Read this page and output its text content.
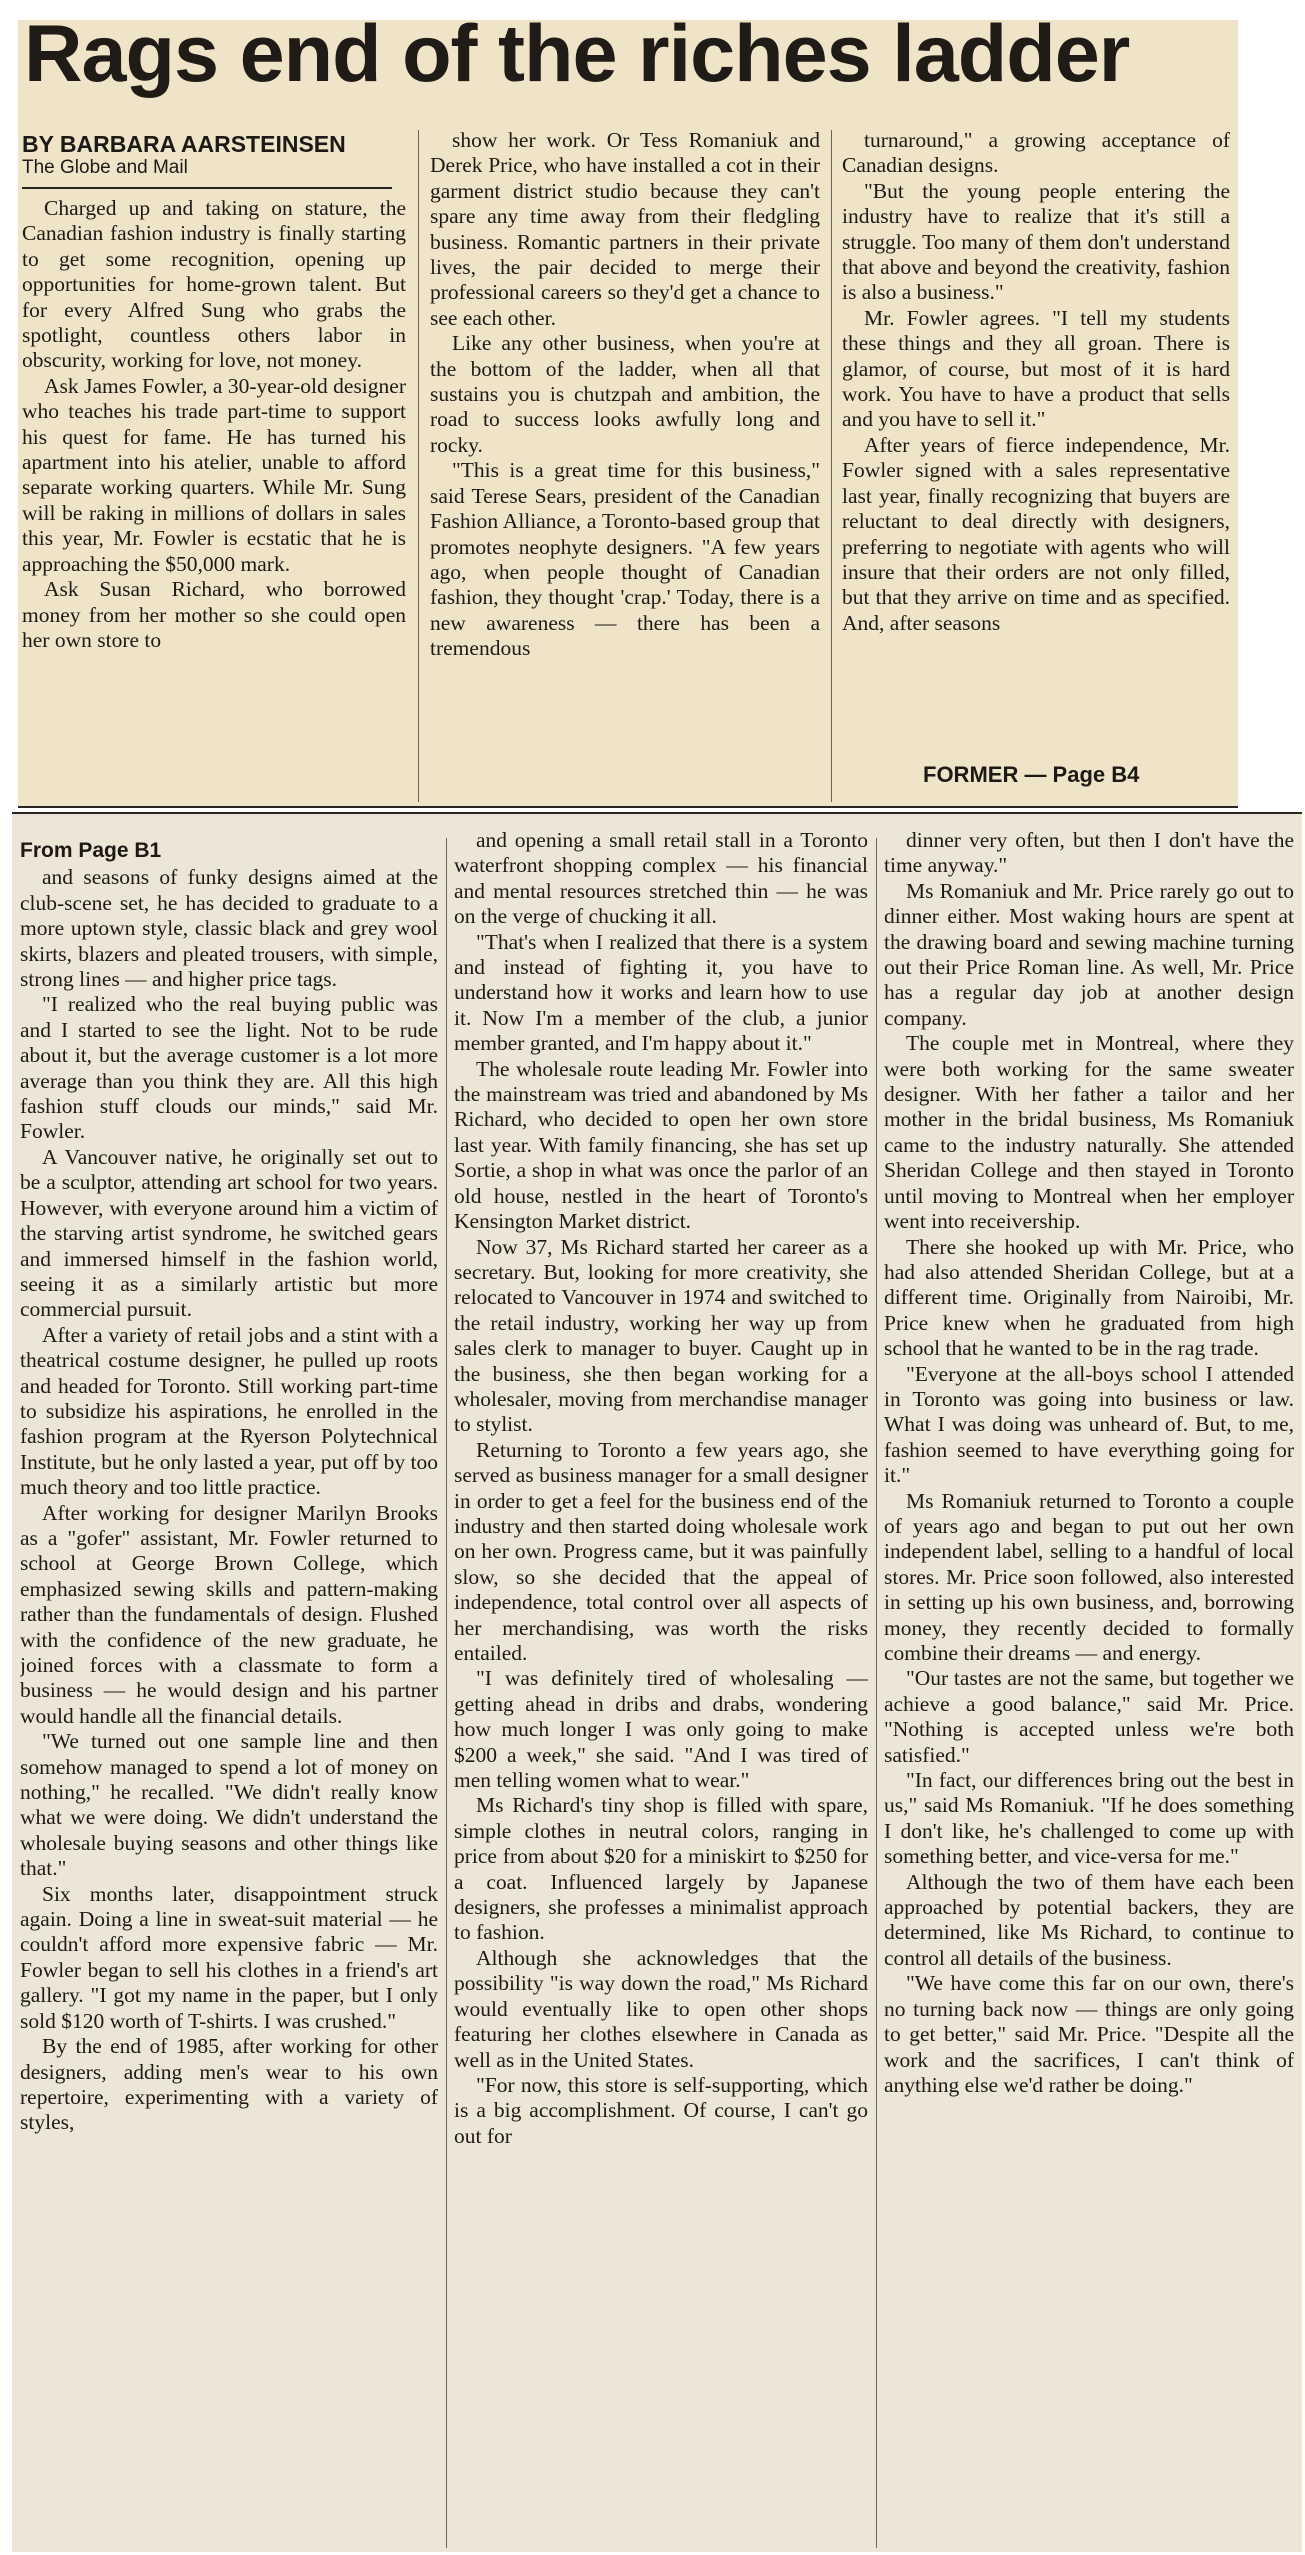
Rags end of the riches ladder
BY BARBARA AARSTEINSEN
The Globe and Mail

Charged up and taking on stature, the Canadian fashion industry is finally starting to get some recognition, opening up opportunities for home-grown talent. But for every Alfred Sung who grabs the spotlight, countless others labor in obscurity, working for love, not money.

Ask James Fowler, a 30-year-old designer who teaches his trade part-time to support his quest for fame. He has turned his apartment into his atelier, unable to afford separate working quarters. While Mr. Sung will be raking in millions of dollars in sales this year, Mr. Fowler is ecstatic that he is approaching the $50,000 mark.

Ask Susan Richard, who borrowed money from her mother so she could open her own store to

show her work. Or Tess Romaniuk and Derek Price, who have installed a cot in their garment district studio because they can't spare any time away from their fledgling business. Romantic partners in their private lives, the pair decided to merge their professional careers so they'd get a chance to see each other.

Like any other business, when you're at the bottom of the ladder, when all that sustains you is chutzpah and ambition, the road to success looks awfully long and rocky.

"This is a great time for this business," said Terese Sears, president of the Canadian Fashion Alliance, a Toronto-based group that promotes neophyte designers. "A few years ago, when people thought of Canadian fashion, they thought 'crap.' Today, there is a new awareness — there has been a tremendous

turnaround," a growing acceptance of Canadian designs.

"But the young people entering the industry have to realize that it's still a struggle. Too many of them don't understand that above and beyond the creativity, fashion is also a business."

Mr. Fowler agrees. "I tell my students these things and they all groan. There is glamor, of course, but most of it is hard work. You have to have a product that sells and you have to sell it."

After years of fierce independence, Mr. Fowler signed with a sales representative last year, finally recognizing that buyers are reluctant to deal directly with designers, preferring to negotiate with agents who will insure that their orders are not only filled, but that they arrive on time and as specified. And, after seasons

FORMER — Page B4
From Page B1

and seasons of funky designs aimed at the club-scene set, he has decided to graduate to a more uptown style, classic black and grey wool skirts, blazers and pleated trousers, with simple, strong lines — and higher price tags.

"I realized who the real buying public was and I started to see the light. Not to be rude about it, but the average customer is a lot more average than you think they are. All this high fashion stuff clouds our minds," said Mr. Fowler.

A Vancouver native, he originally set out to be a sculptor, attending art school for two years. However, with everyone around him a victim of the starving artist syndrome, he switched gears and immersed himself in the fashion world, seeing it as a similarly artistic but more commercial pursuit.

After a variety of retail jobs and a stint with a theatrical costume designer, he pulled up roots and headed for Toronto. Still working part-time to subsidize his aspirations, he enrolled in the fashion program at the Ryerson Polytechnical Institute, but he only lasted a year, put off by too much theory and too little practice.

After working for designer Marilyn Brooks as a "gofer" assistant, Mr. Fowler returned to school at George Brown College, which emphasized sewing skills and pattern-making rather than the fundamentals of design. Flushed with the confidence of the new graduate, he joined forces with a classmate to form a business — he would design and his partner would handle all the financial details.

"We turned out one sample line and then somehow managed to spend a lot of money on nothing," he recalled. "We didn't really know what we were doing. We didn't understand the wholesale buying seasons and other things like that."

Six months later, disappointment struck again. Doing a line in sweat-suit material — he couldn't afford more expensive fabric — Mr. Fowler began to sell his clothes in a friend's art gallery. "I got my name in the paper, but I only sold $120 worth of T-shirts. I was crushed."

By the end of 1985, after working for other designers, adding men's wear to his own repertoire, experimenting with a variety of styles,

and opening a small retail stall in a Toronto waterfront shopping complex — his financial and mental resources stretched thin — he was on the verge of chucking it all.

"That's when I realized that there is a system and instead of fighting it, you have to understand how it works and learn how to use it. Now I'm a member of the club, a junior member granted, and I'm happy about it."

The wholesale route leading Mr. Fowler into the mainstream was tried and abandoned by Ms Richard, who decided to open her own store last year. With family financing, she has set up Sortie, a shop in what was once the parlor of an old house, nestled in the heart of Toronto's Kensington Market district.

Now 37, Ms Richard started her career as a secretary. But, looking for more creativity, she relocated to Vancouver in 1974 and switched to the retail industry, working her way up from sales clerk to manager to buyer. Caught up in the business, she then began working for a wholesaler, moving from merchandise manager to stylist.

Returning to Toronto a few years ago, she served as business manager for a small designer in order to get a feel for the business end of the industry and then started doing wholesale work on her own. Progress came, but it was painfully slow, so she decided that the appeal of independence, total control over all aspects of her merchandising, was worth the risks entailed.

"I was definitely tired of wholesaling — getting ahead in dribs and drabs, wondering how much longer I was only going to make $200 a week," she said. "And I was tired of men telling women what to wear."

Ms Richard's tiny shop is filled with spare, simple clothes in neutral colors, ranging in price from about $20 for a miniskirt to $250 for a coat. Influenced largely by Japanese designers, she professes a minimalist approach to fashion.

Although she acknowledges that the possibility "is way down the road," Ms Richard would eventually like to open other shops featuring her clothes elsewhere in Canada as well as in the United States.

"For now, this store is self-supporting, which is a big accomplishment. Of course, I can't go out for

dinner very often, but then I don't have the time anyway."

Ms Romaniuk and Mr. Price rarely go out to dinner either. Most waking hours are spent at the drawing board and sewing machine turning out their Price Roman line. As well, Mr. Price has a regular day job at another design company.

The couple met in Montreal, where they were both working for the same sweater designer. With her father a tailor and her mother in the bridal business, Ms Romaniuk came to the industry naturally. She attended Sheridan College and then stayed in Toronto until moving to Montreal when her employer went into receivership.

There she hooked up with Mr. Price, who had also attended Sheridan College, but at a different time. Originally from Nairoibi, Mr. Price knew when he graduated from high school that he wanted to be in the rag trade.

"Everyone at the all-boys school I attended in Toronto was going into business or law. What I was doing was unheard of. But, to me, fashion seemed to have everything going for it."

Ms Romaniuk returned to Toronto a couple of years ago and began to put out her own independent label, selling to a handful of local stores. Mr. Price soon followed, also interested in setting up his own business, and, borrowing money, they recently decided to formally combine their dreams — and energy.

"Our tastes are not the same, but together we achieve a good balance," said Mr. Price. "Nothing is accepted unless we're both satisfied."

"In fact, our differences bring out the best in us," said Ms Romaniuk. "If he does something I don't like, he's challenged to come up with something better, and vice-versa for me."

Although the two of them have each been approached by potential backers, they are determined, like Ms Richard, to continue to control all details of the business.

"We have come this far on our own, there's no turning back now — things are only going to get better," said Mr. Price. "Despite all the work and the sacrifices, I can't think of anything else we'd rather be doing."
